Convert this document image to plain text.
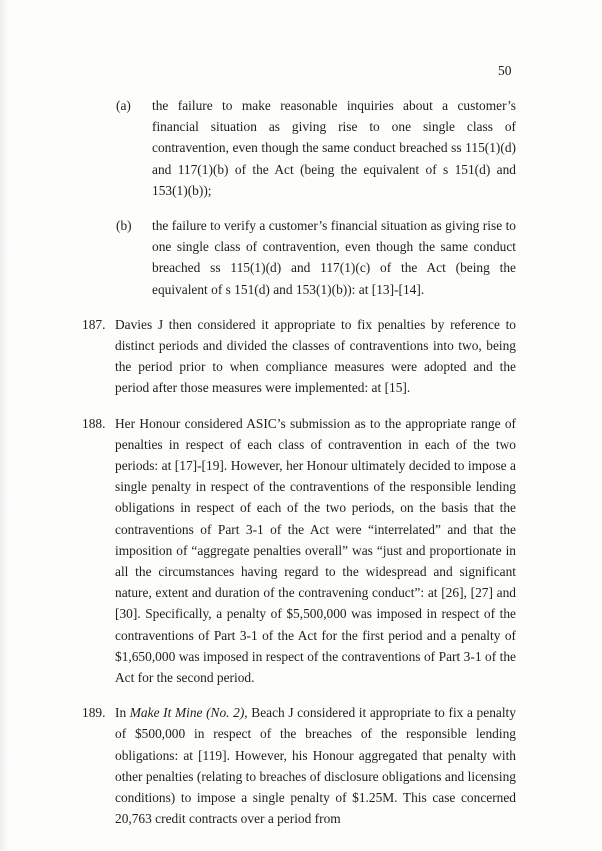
50
(a) the failure to make reasonable inquiries about a customer’s financial situation as giving rise to one single class of contravention, even though the same conduct breached ss 115(1)(d) and 117(1)(b) of the Act (being the equivalent of s 151(d) and 153(1)(b));
(b) the failure to verify a customer’s financial situation as giving rise to one single class of contravention, even though the same conduct breached ss 115(1)(d) and 117(1)(c) of the Act (being the equivalent of s 151(d) and 153(1)(b)): at [13]-[14].
187. Davies J then considered it appropriate to fix penalties by reference to distinct periods and divided the classes of contraventions into two, being the period prior to when compliance measures were adopted and the period after those measures were implemented: at [15].
188. Her Honour considered ASIC’s submission as to the appropriate range of penalties in respect of each class of contravention in each of the two periods: at [17]-[19]. However, her Honour ultimately decided to impose a single penalty in respect of the contraventions of the responsible lending obligations in respect of each of the two periods, on the basis that the contraventions of Part 3-1 of the Act were “interrelated” and that the imposition of “aggregate penalties overall” was “just and proportionate in all the circumstances having regard to the widespread and significant nature, extent and duration of the contravening conduct”: at [26], [27] and [30]. Specifically, a penalty of $5,500,000 was imposed in respect of the contraventions of Part 3-1 of the Act for the first period and a penalty of $1,650,000 was imposed in respect of the contraventions of Part 3-1 of the Act for the second period.
189. In Make It Mine (No. 2), Beach J considered it appropriate to fix a penalty of $500,000 in respect of the breaches of the responsible lending obligations: at [119]. However, his Honour aggregated that penalty with other penalties (relating to breaches of disclosure obligations and licensing conditions) to impose a single penalty of $1.25M. This case concerned 20,763 credit contracts over a period from
